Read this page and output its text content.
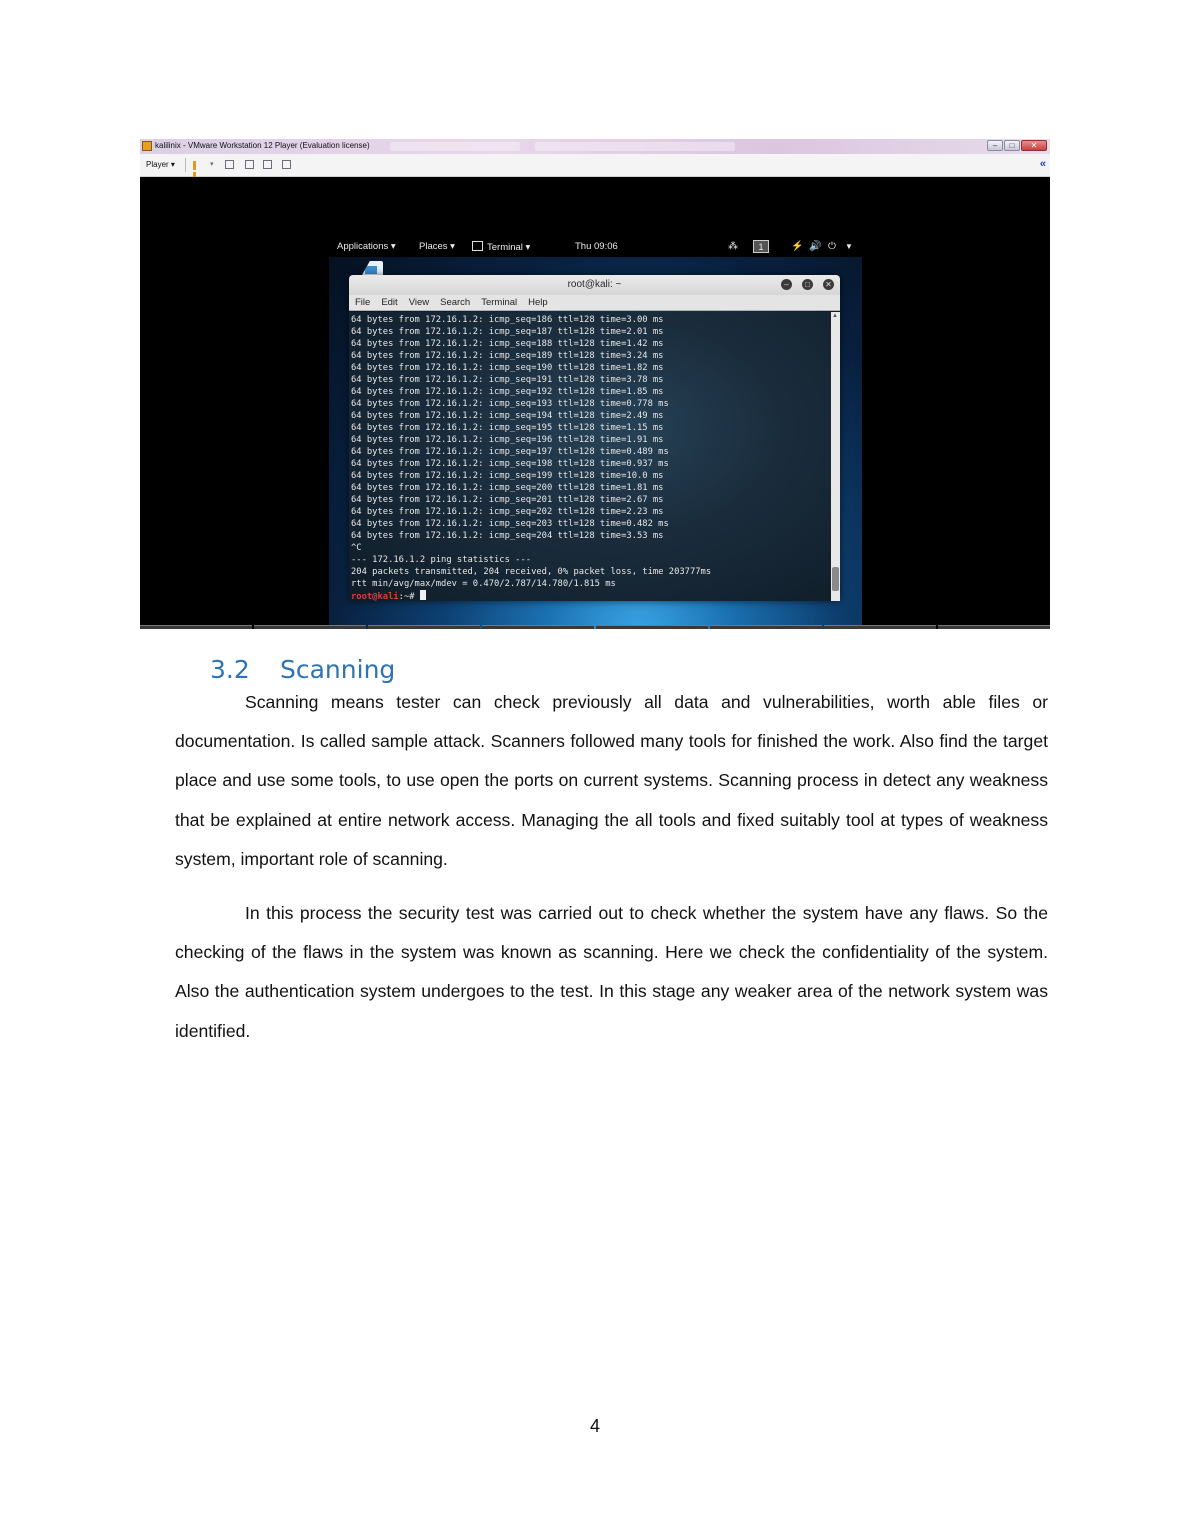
kalilinix - VMware Workstation 12 Player (Evaluation license)	–	□	✕
Player ▾	▾	«
Applications ▾ Places ▾	Terminal ▾	Thu 09:06	⁂	1	⚡ 🔊 ⏻ ▼
root@kali: ~	–	□	✕
File Edit View Search Terminal Help
64 bytes from 172.16.1.2: icmp_seq=186 ttl=128 time=3.00 ms
64 bytes from 172.16.1.2: icmp_seq=187 ttl=128 time=2.01 ms
64 bytes from 172.16.1.2: icmp_seq=188 ttl=128 time=1.42 ms
64 bytes from 172.16.1.2: icmp_seq=189 ttl=128 time=3.24 ms
64 bytes from 172.16.1.2: icmp_seq=190 ttl=128 time=1.82 ms
64 bytes from 172.16.1.2: icmp_seq=191 ttl=128 time=3.78 ms
64 bytes from 172.16.1.2: icmp_seq=192 ttl=128 time=1.85 ms
64 bytes from 172.16.1.2: icmp_seq=193 ttl=128 time=0.778 ms
64 bytes from 172.16.1.2: icmp_seq=194 ttl=128 time=2.49 ms
64 bytes from 172.16.1.2: icmp_seq=195 ttl=128 time=1.15 ms
64 bytes from 172.16.1.2: icmp_seq=196 ttl=128 time=1.91 ms
64 bytes from 172.16.1.2: icmp_seq=197 ttl=128 time=0.489 ms
64 bytes from 172.16.1.2: icmp_seq=198 ttl=128 time=0.937 ms
64 bytes from 172.16.1.2: icmp_seq=199 ttl=128 time=10.0 ms
64 bytes from 172.16.1.2: icmp_seq=200 ttl=128 time=1.81 ms
64 bytes from 172.16.1.2: icmp_seq=201 ttl=128 time=2.67 ms
64 bytes from 172.16.1.2: icmp_seq=202 ttl=128 time=2.23 ms
64 bytes from 172.16.1.2: icmp_seq=203 ttl=128 time=0.482 ms
64 bytes from 172.16.1.2: icmp_seq=204 ttl=128 time=3.53 ms
^C
--- 172.16.1.2 ping statistics ---
204 packets transmitted, 204 received, 0% packet loss, time 203777ms
rtt min/avg/max/mdev = 0.470/2.787/14.780/1.815 ms
root@kali:~#
▲
3.2 Scanning

Scanning means tester can check previously all data and vulnerabilities, worth able files or documentation. Is called sample attack. Scanners followed many tools for finished the work. Also find the target place and use some tools, to use open the ports on current systems. Scanning process in detect any weakness that be explained at entire network access. Managing the all tools and fixed suitably tool at types of weakness system, important role of scanning.

In this process the security test was carried out to check whether the system have any flaws. So the checking of the flaws in the system was known as scanning. Here we check the confidentiality of the system. Also the authentication system undergoes to the test. In this stage any weaker area of the network system was identified.

4
